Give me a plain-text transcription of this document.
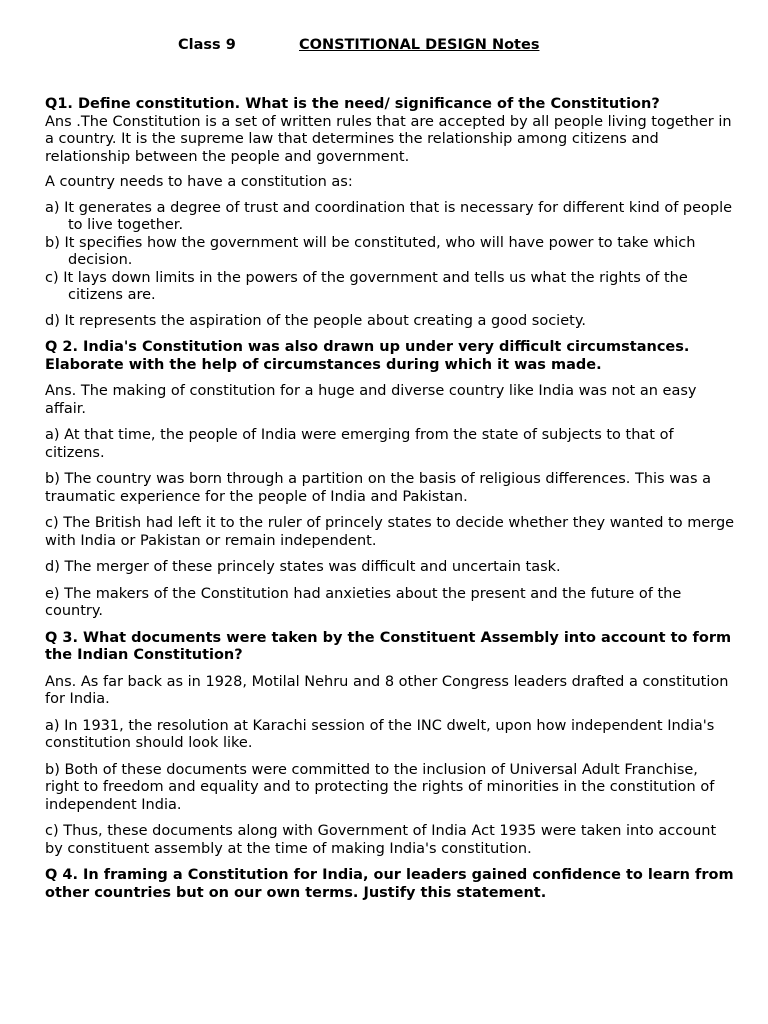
Class 9	CONSTITIONAL DESIGN Notes

Q1. Define constitution. What is the need/ significance of the Constitution?

Ans .The Constitution is a set of written rules that are accepted by all people living together in a country. It is the supreme law that determines the relationship among citizens and relationship between the people and government.

A country needs to have a constitution as:

a) It generates a degree of trust and coordination that is necessary for different kind of people to live together.

b) It specifies how the government will be constituted, who will have power to take which decision.

c) It lays down limits in the powers of the government and tells us what the rights of the citizens are.

d) It represents the aspiration of the people about creating a good society.

Q 2. India's Constitution was also drawn up under very difficult circumstances. Elaborate with the help of circumstances during which it was made.

Ans. The making of constitution for a huge and diverse country like India was not an easy affair.

a) At that time, the people of India were emerging from the state of subjects to that of citizens.

b) The country was born through a partition on the basis of religious differences. This was a traumatic experience for the people of India and Pakistan.

c) The British had left it to the ruler of princely states to decide whether they wanted to merge with India or Pakistan or remain independent.

d) The merger of these princely states was difficult and uncertain task.

e) The makers of the Constitution had anxieties about the present and the future of the country.

Q 3. What documents were taken by the Constituent Assembly into account to form the Indian Constitution?

Ans. As far back as in 1928, Motilal Nehru and 8 other Congress leaders drafted a constitution for India.

a) In 1931, the resolution at Karachi session of the INC dwelt, upon how independent India's constitution should look like.

b) Both of these documents were committed to the inclusion of Universal Adult Franchise, right to freedom and equality and to protecting the rights of minorities in the constitution of independent India.

c) Thus, these documents along with Government of India Act 1935 were taken into account by constituent assembly at the time of making India's constitution.

Q 4. In framing a Constitution for India, our leaders gained confidence to learn from other countries but on our own terms. Justify this statement.
